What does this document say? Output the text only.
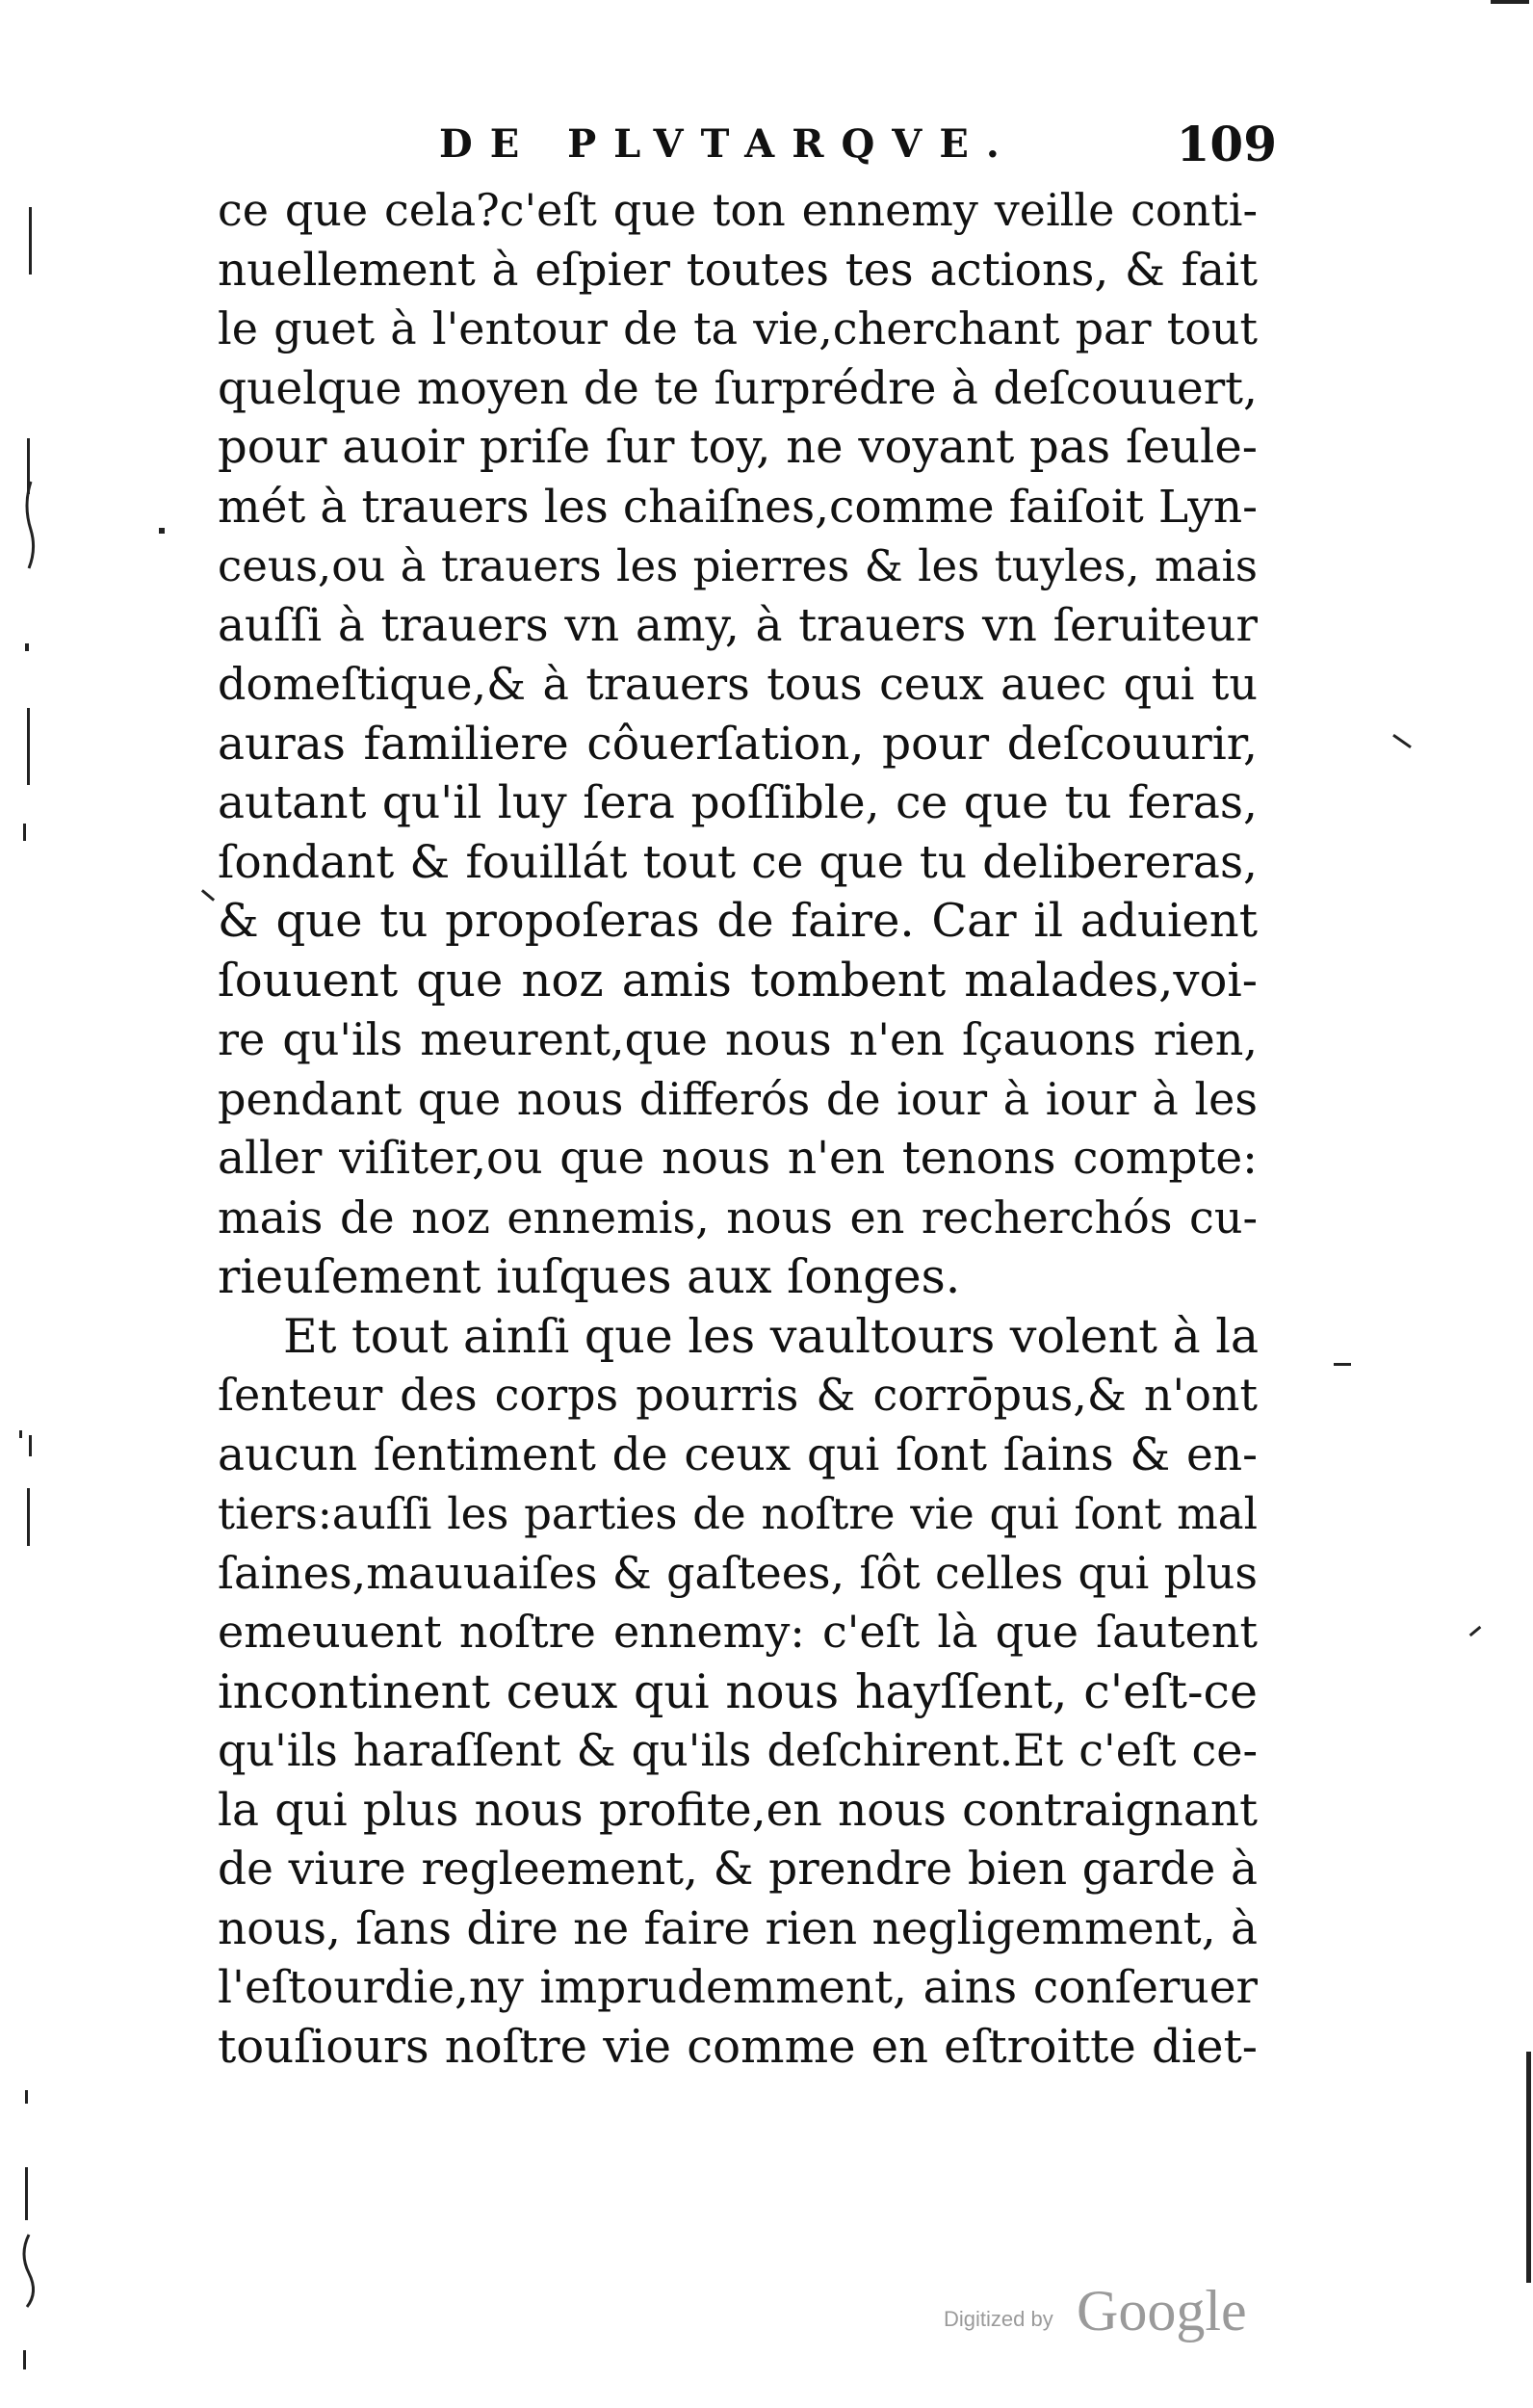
DE PLVTARQVE.	109
ce que cela?c'eſt que ton ennemy veille conti-
nuellement à eſpier toutes tes actions, & fait
le guet à l'entour de ta vie,cherchant par tout
quelque moyen de te ſurprédre à deſcouuert,
pour auoir priſe ſur toy, ne voyant pas ſeule-
mét à trauers les chaiſnes,comme faiſoit Lyn-
ceus,ou à trauers les pierres & les tuyles, mais
auſſi à trauers vn amy, à trauers vn ſeruiteur
domeſtique,& à trauers tous ceux auec qui tu
auras familiere côuerſation, pour deſcouurir,
autant qu'il luy ſera poſſible, ce que tu feras,
ſondant & fouillát tout ce que tu delibereras,
& que tu propoſeras de faire. Car il aduient
ſouuent que noz amis tombent malades,voi-
re qu'ils meurent,que nous n'en ſçauons rien,
pendant que nous differós de iour à iour à les
aller viſiter,ou que nous n'en tenons compte:
mais de noz ennemis, nous en recherchós cu-
rieuſement iuſques aux ſonges.
Et tout ainſi que les vaultours volent à la
ſenteur des corps pourris & corrōpus,& n'ont
aucun ſentiment de ceux qui ſont ſains & en-
tiers:auſſi les parties de noſtre vie qui ſont mal
ſaines,mauuaiſes & gaſtees, ſôt celles qui plus
emeuuent noſtre ennemy: c'eſt là que ſautent
incontinent ceux qui nous hayſſent, c'eſt-ce
qu'ils haraſſent & qu'ils deſchirent.Et c'eſt ce-
la qui plus nous profite,en nous contraignant
de viure regleement, & prendre bien garde à
nous, ſans dire ne faire rien negligemment, à
l'eſtourdie,ny imprudemment, ains conſeruer
touſiours noſtre vie comme en eſtroitte diet-
Digitized by Google
